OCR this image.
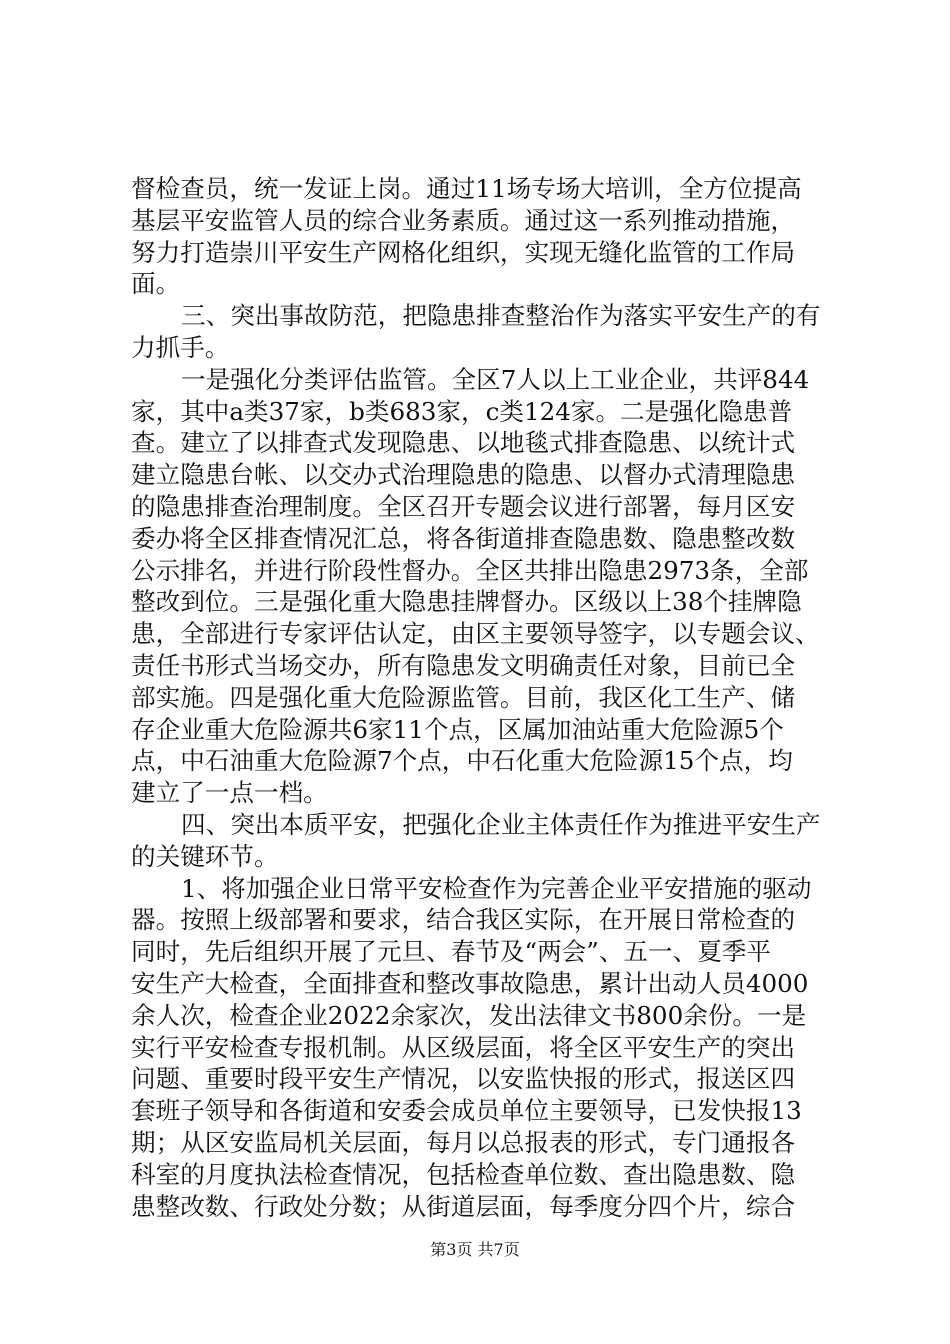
督检查员，统一发证上岗。通过11场专场大培训，全方位提高
基层平安监管人员的综合业务素质。通过这一系列推动措施，
努力打造崇川平安生产网格化组织，实现无缝化监管的工作局
面。
三、突出事故防范，把隐患排查整治作为落实平安生产的有
力抓手。
一是强化分类评估监管。全区7人以上工业企业，共评844
家，其中a类37家，b类683家，c类124家。二是强化隐患普
查。建立了以排查式发现隐患、以地毯式排查隐患、以统计式
建立隐患台帐、以交办式治理隐患的隐患、以督办式清理隐患
的隐患排查治理制度。全区召开专题会议进行部署，每月区安
委办将全区排查情况汇总，将各街道排查隐患数、隐患整改数
公示排名，并进行阶段性督办。全区共排出隐患2973条，全部
整改到位。三是强化重大隐患挂牌督办。区级以上38个挂牌隐
患，全部进行专家评估认定，由区主要领导签字，以专题会议、
责任书形式当场交办，所有隐患发文明确责任对象，目前已全
部实施。四是强化重大危险源监管。目前，我区化工生产、储
存企业重大危险源共6家11个点，区属加油站重大危险源5个
点，中石油重大危险源7个点，中石化重大危险源15个点，均
建立了一点一档。
四、突出本质平安，把强化企业主体责任作为推进平安生产
的关键环节。
1、将加强企业日常平安检查作为完善企业平安措施的驱动
器。按照上级部署和要求，结合我区实际，在开展日常检查的
同时，先后组织开展了元旦、春节及“两会”、五一、夏季平
安生产大检查，全面排查和整改事故隐患，累计出动人员4000
余人次，检查企业2022余家次，发出法律文书800余份。一是
实行平安检查专报机制。从区级层面，将全区平安生产的突出
问题、重要时段平安生产情况，以安监快报的形式，报送区四
套班子领导和各街道和安委会成员单位主要领导，已发快报13
期；从区安监局机关层面，每月以总报表的形式，专门通报各
科室的月度执法检查情况，包括检查单位数、查出隐患数、隐
患整改数、行政处分数；从街道层面，每季度分四个片，综合
第3页 共7页
